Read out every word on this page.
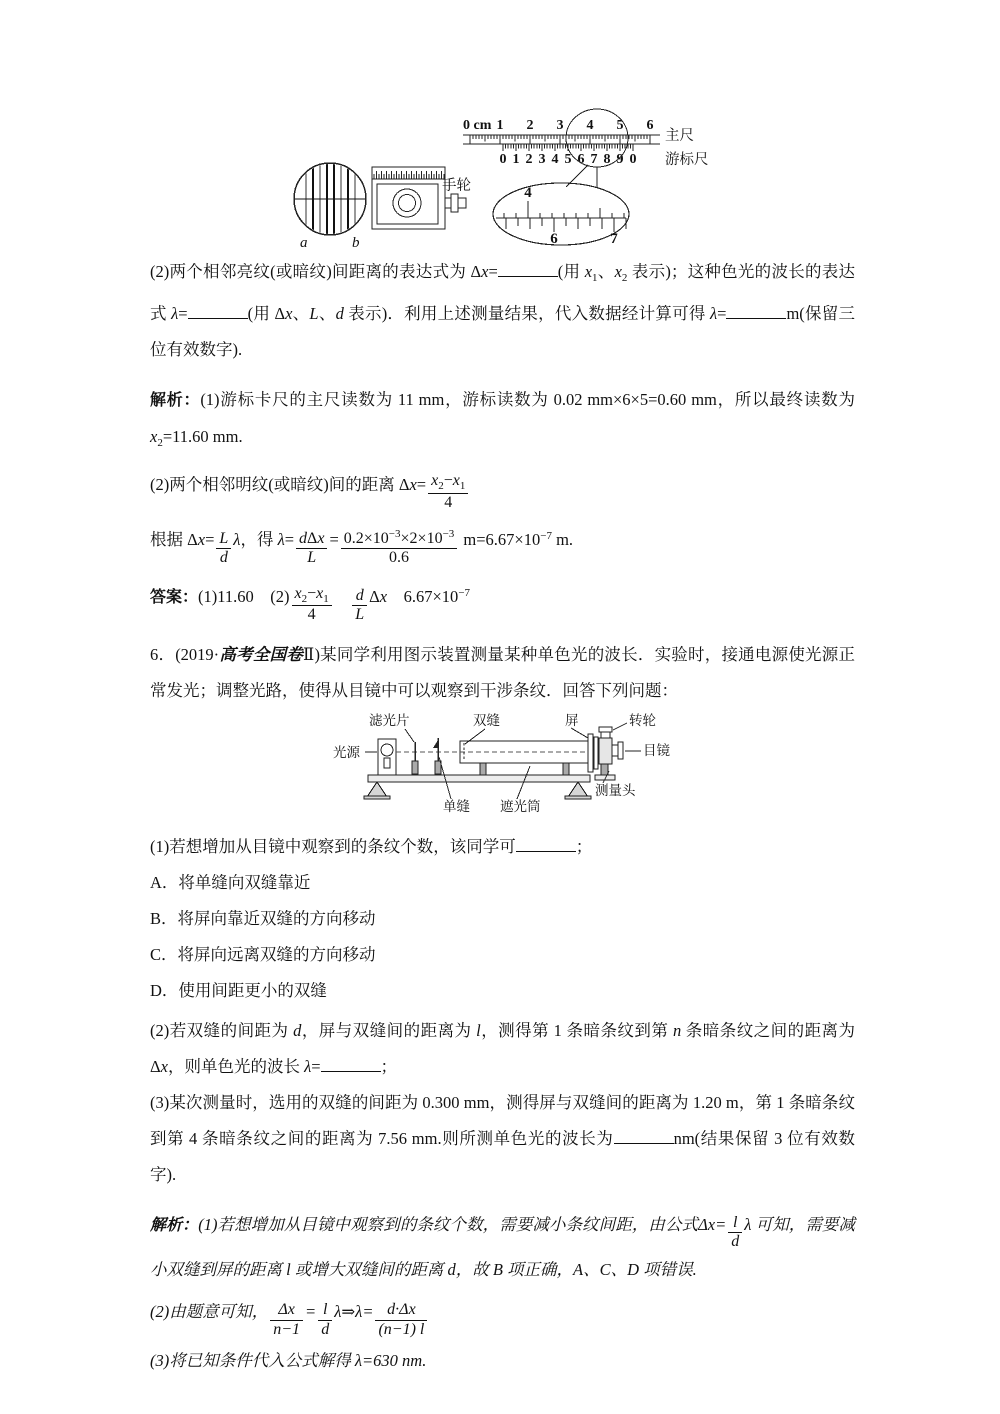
a	b
手轮
0 cm 1 2 3 4 5 6
0 1 2 3 4 5 6 7 8 9 0
主尺
游标尺
4
6	7
(2)两个相邻亮纹(或暗纹)间距离的表达式为 Δx=	(用 $x_1$、$x_2$ 表示)；这种色光的波长的表达式 λ=	(用 Δx、L、d 表示)．利用上述测量结果，代入数据经计算可得 λ=	m(保留三位有效数字).
解析：(1)游标卡尺的主尺读数为 11 mm，游标读数为 0.02 mm×6×5=0.60 mm，所以最终读数为 $x_2=11.60$ mm.
(2)两个相邻明纹(或暗纹)间的距离 $\Delta x= \frac{x_2-x_1}{4}$
根据 $\Delta x= \frac{L}{d}$ λ，得 $\lambda= \frac{\text{dΔx}}{L} = \frac{0.2\times 10^{-3}\times 2\times 10^{-3}}{0.6} m=6.67\times 10^{-7}$ m.
答案：(1)11.60　$(2) \frac{x_2-x_1}{4}$
　 $\frac{d}{L}$ Δx　$6.67\times 10^{-7}$
6．(2019·高考全国卷Ⅱ)某同学利用图示装置测量某种单色光的波长．实验时，接通电源使光源正常发光；调整光路，使得从目镜中可以观察到干涉条纹．回答下列问题：
光源
滤光片
单缝
双缝
遮光筒
屏	转轮
目镜
测量头
(1)若想增加从目镜中观察到的条纹个数，该同学可	；
A．将单缝向双缝靠近
B．将屏向靠近双缝的方向移动
C．将屏向远离双缝的方向移动
D．使用间距更小的双缝
(2)若双缝的间距为 d，屏与双缝间的距离为 l，测得第 1 条暗条纹到第 n 条暗条纹之间的距离为Δx，则单色光的波长 λ=	；
(3)某次测量时，选用的双缝的间距为 0.300 mm，测得屏与双缝间的距离为 1.20 m，第 1 条暗条纹到第 4 条暗条纹之间的距离为 7.56 mm.则所测单色光的波长为	nm(结果保留 3 位有效数字).
解析：(1)若想增加从目镜中观察到的条纹个数，需要减小条纹间距，由公式$\Delta x= \frac{l}{d}$ λ 可知，需要减小双缝到屏的距离 l 或增大双缝间的距离 d，故 B 项正确，A、C、D 项错误.
(2)由题意可知， $\frac{\Delta x}{n-1} = \frac{l}{d}$ λ⇒λ= $\frac{d\cdot\Delta x}{(n-1) l}$
(3)将已知条件代入公式解得 λ=630 nm.
